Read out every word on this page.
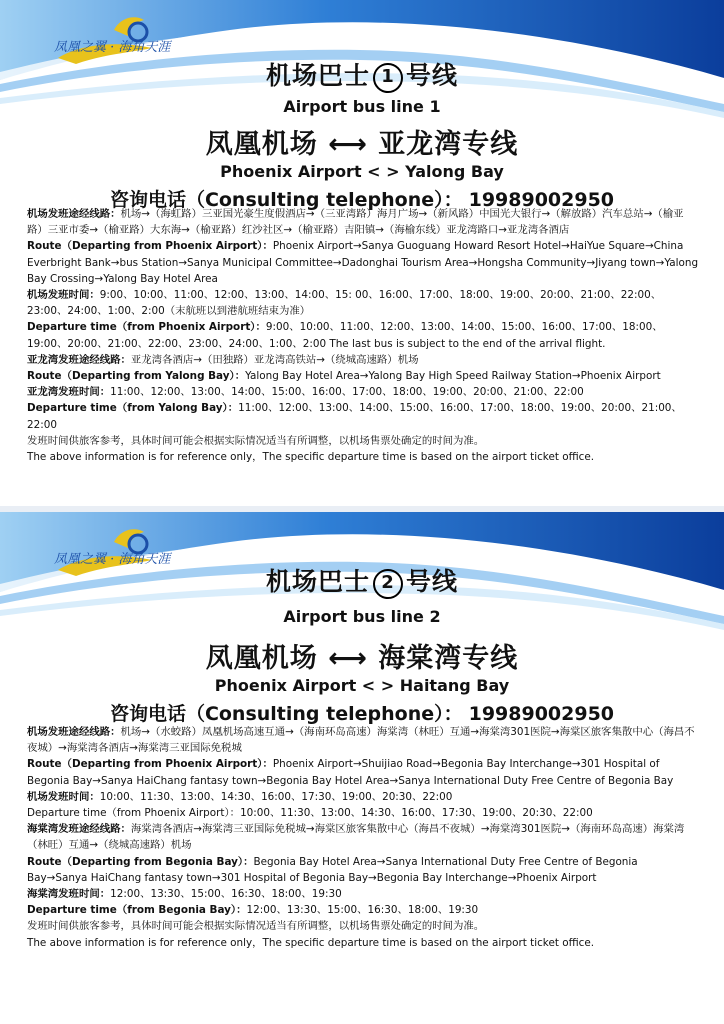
凤凰之翼 · 海角天涯
机场巴士 1 号线
Airport bus line 1
凤凰机场 ⟷ 亚龙湾专线
Phoenix Airport < > Yalong Bay
咨询电话（Consulting telephone）： 19989002950

机场发班途经线路：机场→（海虹路）三亚国光豪生度假酒店→（三亚湾路）海月广场→（新风路）中国光大银行→（解放路）汽车总站→（榆亚路）三亚市委→（榆亚路）大东海→（榆亚路）红沙社区→（榆亚路）吉阳镇→（海榆东线）亚龙湾路口→亚龙湾各酒店

Route（Departing from Phoenix Airport）：Phoenix Airport→Sanya Guoguang Howard Resort Hotel→HaiYue Square→China Everbright Bank→bus Station→Sanya Municipal Committee→Dadonghai Tourism Area→Hongsha Community→Jiyang town→Yalong Bay Crossing→Yalong Bay Hotel Area

机场发班时间：9:00、10:00、11:00、12:00、13:00、14:00、15: 00、16:00、17:00、18:00、19:00、20:00、21:00、22:00、23:00、24:00、1:00、2:00（末航班以到港航班结束为准）

Departure time（from Phoenix Airport）：9:00、10:00、11:00、12:00、13:00、14:00、15:00、16:00、17:00、18:00、19:00、20:00、21:00、22:00、23:00、24:00、1:00、2:00 The last bus is subject to the end of the arrival flight.

亚龙湾发班途经线路：亚龙湾各酒店→（田独路）亚龙湾高铁站→（绕城高速路）机场

Route（Departing from Yalong Bay）：Yalong Bay Hotel Area→Yalong Bay High Speed Railway Station→Phoenix Airport

亚龙湾发班时间：11:00、12:00、13:00、14:00、15:00、16:00、17:00、18:00、19:00、20:00、21:00、22:00

Departure time（from Yalong Bay）：11:00、12:00、13:00、14:00、15:00、16:00、17:00、18:00、19:00、20:00、21:00、22:00

发班时间供旅客参考，具体时间可能会根据实际情况适当有所调整，以机场售票处确定的时间为准。

The above information is for reference only，The specific departure time is based on the airport ticket office.

凤凰之翼 · 海角天涯
机场巴士 2 号线
Airport bus line 2
凤凰机场 ⟷ 海棠湾专线
Phoenix Airport < > Haitang Bay
咨询电话（Consulting telephone）： 19989002950

机场发班途经线路：机场→（水蛟路）凤凰机场高速互通→（海南环岛高速）海棠湾（林旺）互通→海棠湾301医院→海棠区旅客集散中心（海昌不夜城）→海棠湾各酒店→海棠湾三亚国际免税城

Route（Departing from Phoenix Airport）：Phoenix Airport→Shuijiao Road→Begonia Bay Interchange→301 Hospital of Begonia Bay→Sanya HaiChang fantasy town→Begonia Bay Hotel Area→Sanya International Duty Free Centre of Begonia Bay

机场发班时间：10:00、11:30、13:00、14:30、16:00、17:30、19:00、20:30、22:00

Departure time（from Phoenix Airport）：10:00、11:30、13:00、14:30、16:00、17:30、19:00、20:30、22:00

海棠湾发班途经线路：海棠湾各酒店→海棠湾三亚国际免税城→海棠区旅客集散中心（海昌不夜城）→海棠湾301医院→（海南环岛高速）海棠湾（林旺）互通→（绕城高速路）机场

Route（Departing from Begonia Bay）：Begonia Bay Hotel Area→Sanya International Duty Free Centre of Begonia Bay→Sanya HaiChang fantasy town→301 Hospital of Begonia Bay→Begonia Bay Interchange→Phoenix Airport

海棠湾发班时间：12:00、13:30、15:00、16:30、18:00、19:30

Departure time（from Begonia Bay）：12:00、13:30、15:00、16:30、18:00、19:30

发班时间供旅客参考，具体时间可能会根据实际情况适当有所调整，以机场售票处确定的时间为准。

The above information is for reference only，The specific departure time is based on the airport ticket office.
